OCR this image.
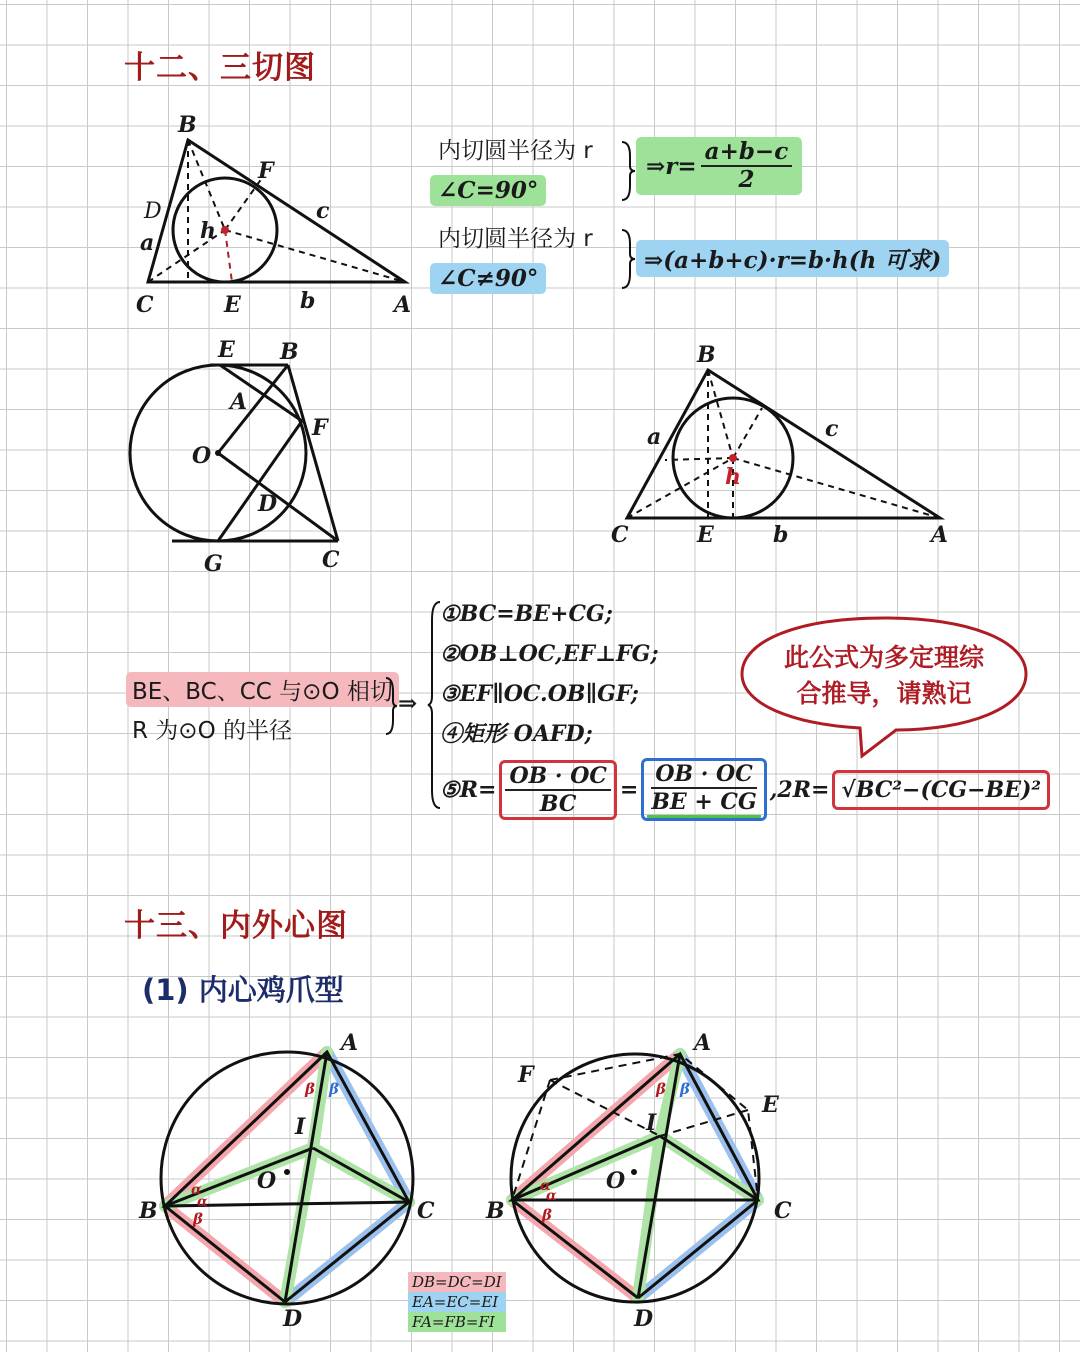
十二、三切图
B
F
D	c
a h
C	E	b	A
内切圆半径为 r
∠C=90°
⇒r= $\frac{a+b-c}{2}$
内切圆半径为 r
∠C≠90°
⇒(a+b+c)·r=b·h(h 可求)
E B
A
F
O
D
G	C
B
a	c
h
C	E	b	A
BE、BC、CC 与⊙O 相切
R 为⊙O 的半径
⇒
①BC=BE+CG;
②OB⊥OC,EF⊥FG;
③EF∥OC.OB∥GF;
④矩形 OAFD;
⑤R= $\frac{OB \cdot OC}{BC} = \frac{OB \cdot OC}{BE + CG} ,2R= √BC^2-(CG-BE)^2$
此公式为多定理综
合推导，请熟记
十三、内外心图
(1) 内心鸡爪型
A
B	C
D
I
O
β β
α
α
β
DB=DC=DI
EA=EC=EI
FA=FB=FI
A
B	C
D
I
O
E
F
β β
α
α
β
